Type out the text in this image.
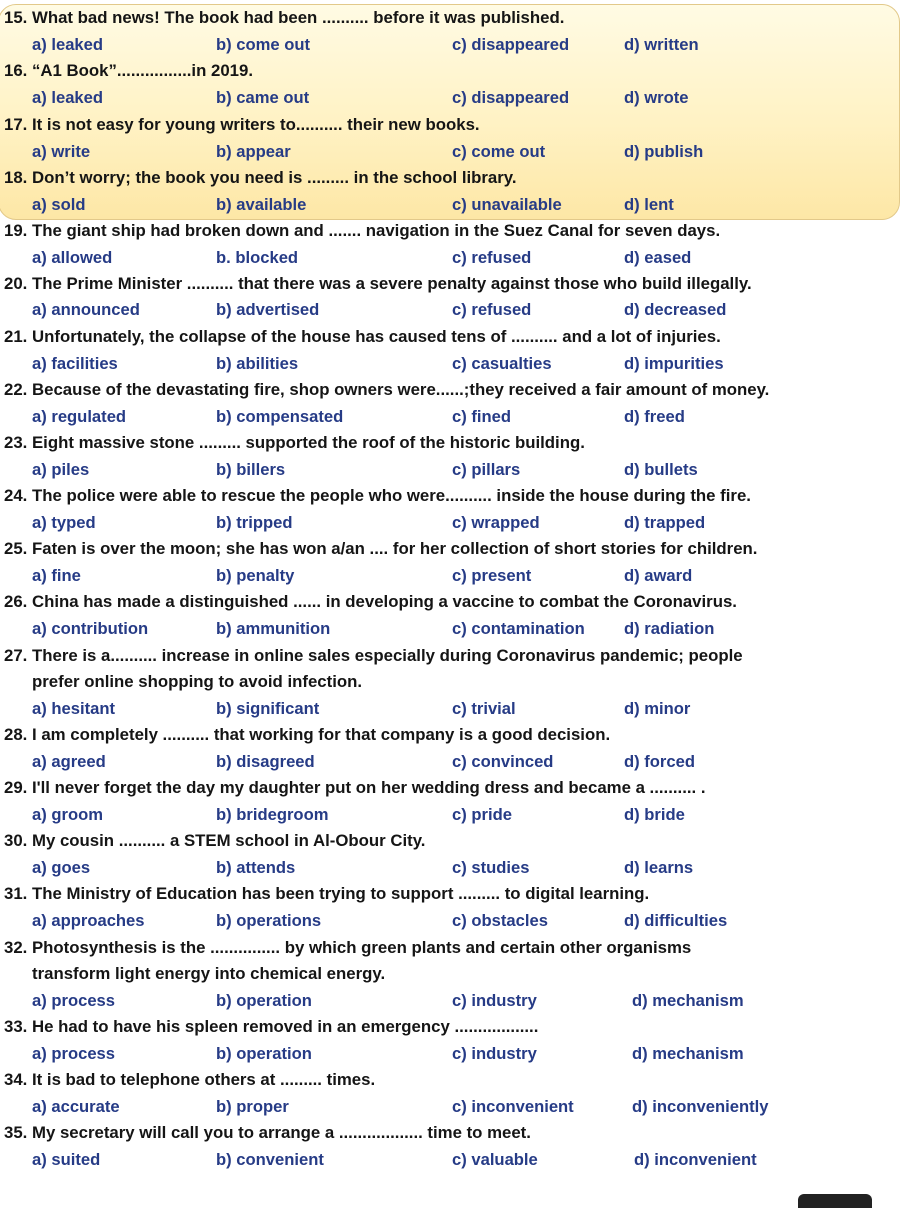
15. What bad news! The book had been .......... before it was published.
a) leaked	b) come out	c) disappeared	d) written
16. “A1 Book”................in 2019.
a) leaked	b) came out	c) disappeared	d) wrote
17. It is not easy for young writers to.......... their new books.
a) write	b) appear	c) come out	d) publish
18. Don’t worry; the book you need is ......... in the school library.
a) sold	b) available	c) unavailable	d) lent
19. The giant ship had broken down and ....... navigation in the Suez Canal for seven days.
a) allowed	b. blocked	c) refused	d) eased
20. The Prime Minister .......... that there was a severe penalty against those who build illegally.
a) announced	b) advertised	c) refused	d) decreased
21. Unfortunately, the collapse of the house has caused tens of .......... and a lot of injuries.
a) facilities	b) abilities	c) casualties	d) impurities
22. Because of the devastating fire, shop owners were......;they received a fair amount of money.
a) regulated	b) compensated	c) fined	d) freed
23. Eight massive stone ......... supported the roof of the historic building.
a) piles	b) billers	c) pillars	d) bullets
24. The police were able to rescue the people who were.......... inside the house during the fire.
a) typed	b) tripped	c) wrapped	d) trapped
25. Faten is over the moon; she has won a/an .... for her collection of short stories for children.
a) fine	b) penalty	c) present	d) award
26. China has made a distinguished ...... in developing a vaccine to combat the Coronavirus.
a) contribution	b) ammunition	c) contamination d) radiation
27. There is a.......... increase in online sales especially during Coronavirus pandemic; people
prefer online shopping to avoid infection.
a) hesitant	b) significant	c) trivial	d) minor
28. I am completely .......... that working for that company is a good decision.
a) agreed	b) disagreed	c) convinced	d) forced
29. I'll never forget the day my daughter put on her wedding dress and became a .......... .
a) groom	b) bridegroom	c) pride	d) bride
30. My cousin .......... a STEM school in Al-Obour City.
a) goes	b) attends	c) studies	d) learns
31. The Ministry of Education has been trying to support ......... to digital learning.
a) approaches	b) operations	c) obstacles	d) difficulties
32. Photosynthesis is the ............... by which green plants and certain other organisms
transform light energy into chemical energy.
a) process	b) operation	c) industry	d) mechanism
33. He had to have his spleen removed in an emergency ..................
a) process	b) operation	c) industry	d) mechanism
34. It is bad to telephone others at ......... times.
a) accurate	b) proper	c) inconvenient	d) inconveniently
35. My secretary will call you to arrange a .................. time to meet.
a) suited	b) convenient	c) valuable	d) inconvenient
